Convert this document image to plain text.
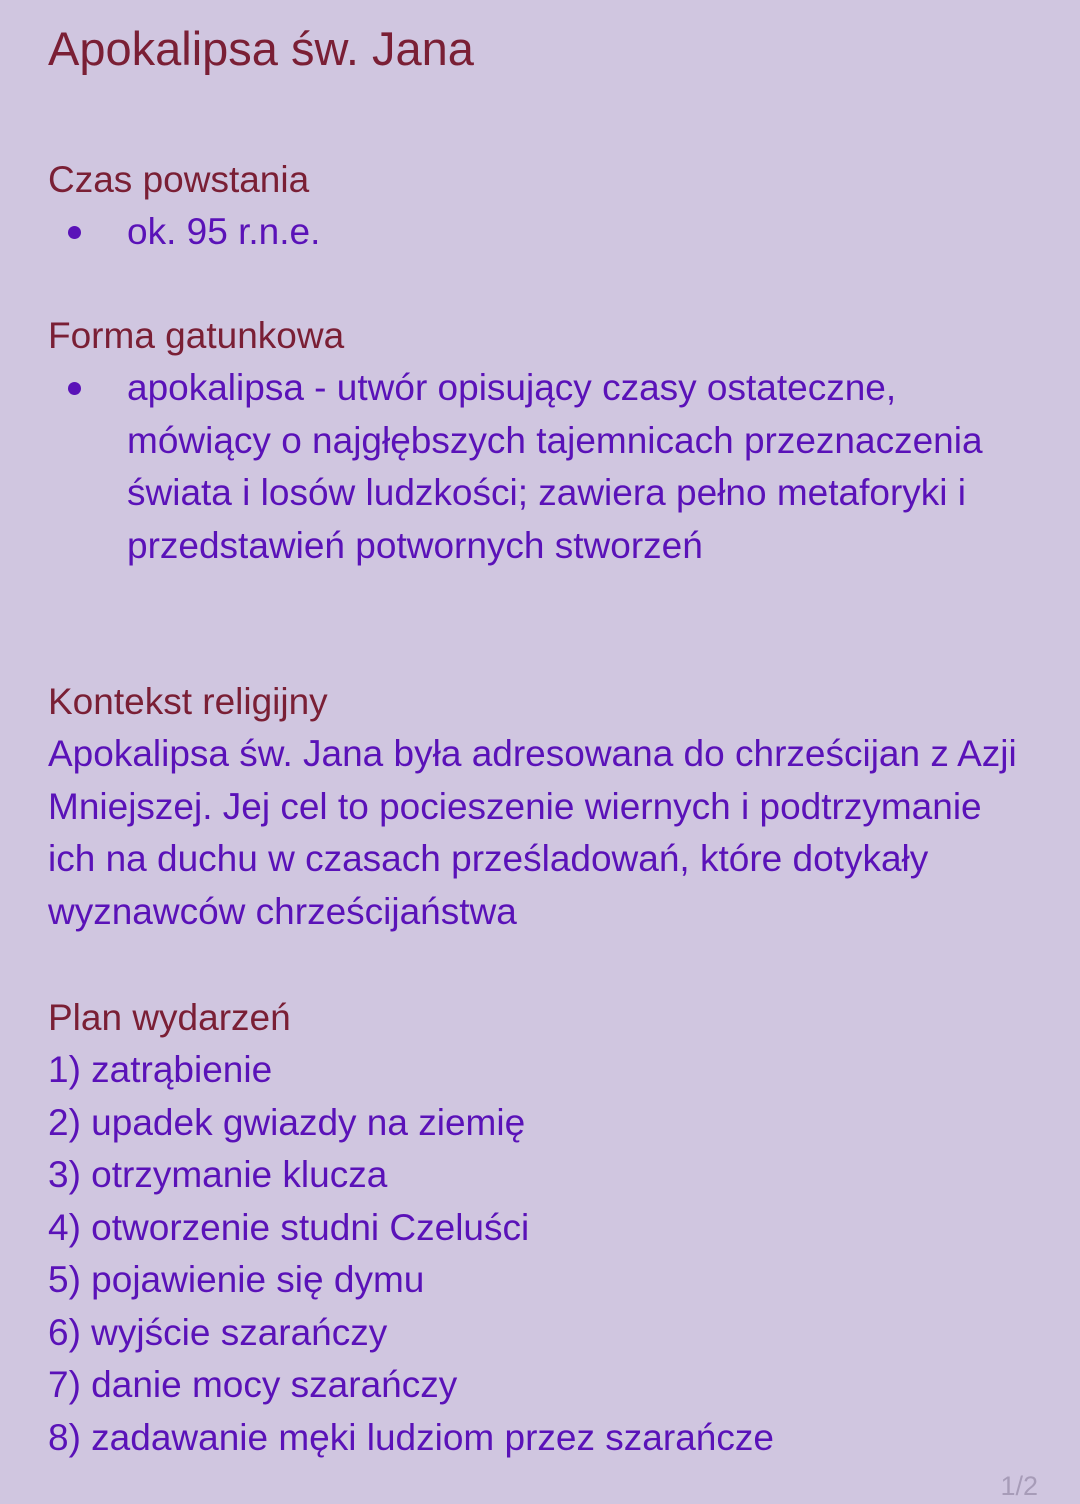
Apokalipsa św. Jana
Czas powstania

ok. 95 r.n.e.

Forma gatunkowa

apokalipsa - utwór opisujący czasy ostateczne, mówiący o najgłębszych tajemnicach przeznaczenia świata i losów ludzkości; zawiera pełno metaforyki i przedstawień potwornych stworzeń

Kontekst religijny

Apokalipsa św. Jana była adresowana do chrześcijan z Azji Mniejszej. Jej cel to pocieszenie wiernych i podtrzymanie ich na duchu w czasach prześladowań, które dotykały wyznawców chrześcijaństwa

Plan wydarzeń
1) zatrąbienie
2) upadek gwiazdy na ziemię
3) otrzymanie klucza
4) otworzenie studni Czeluści
5) pojawienie się dymu
6) wyjście szarańczy
7) danie mocy szarańczy
8) zadawanie męki ludziom przez szarańcze
1/2
